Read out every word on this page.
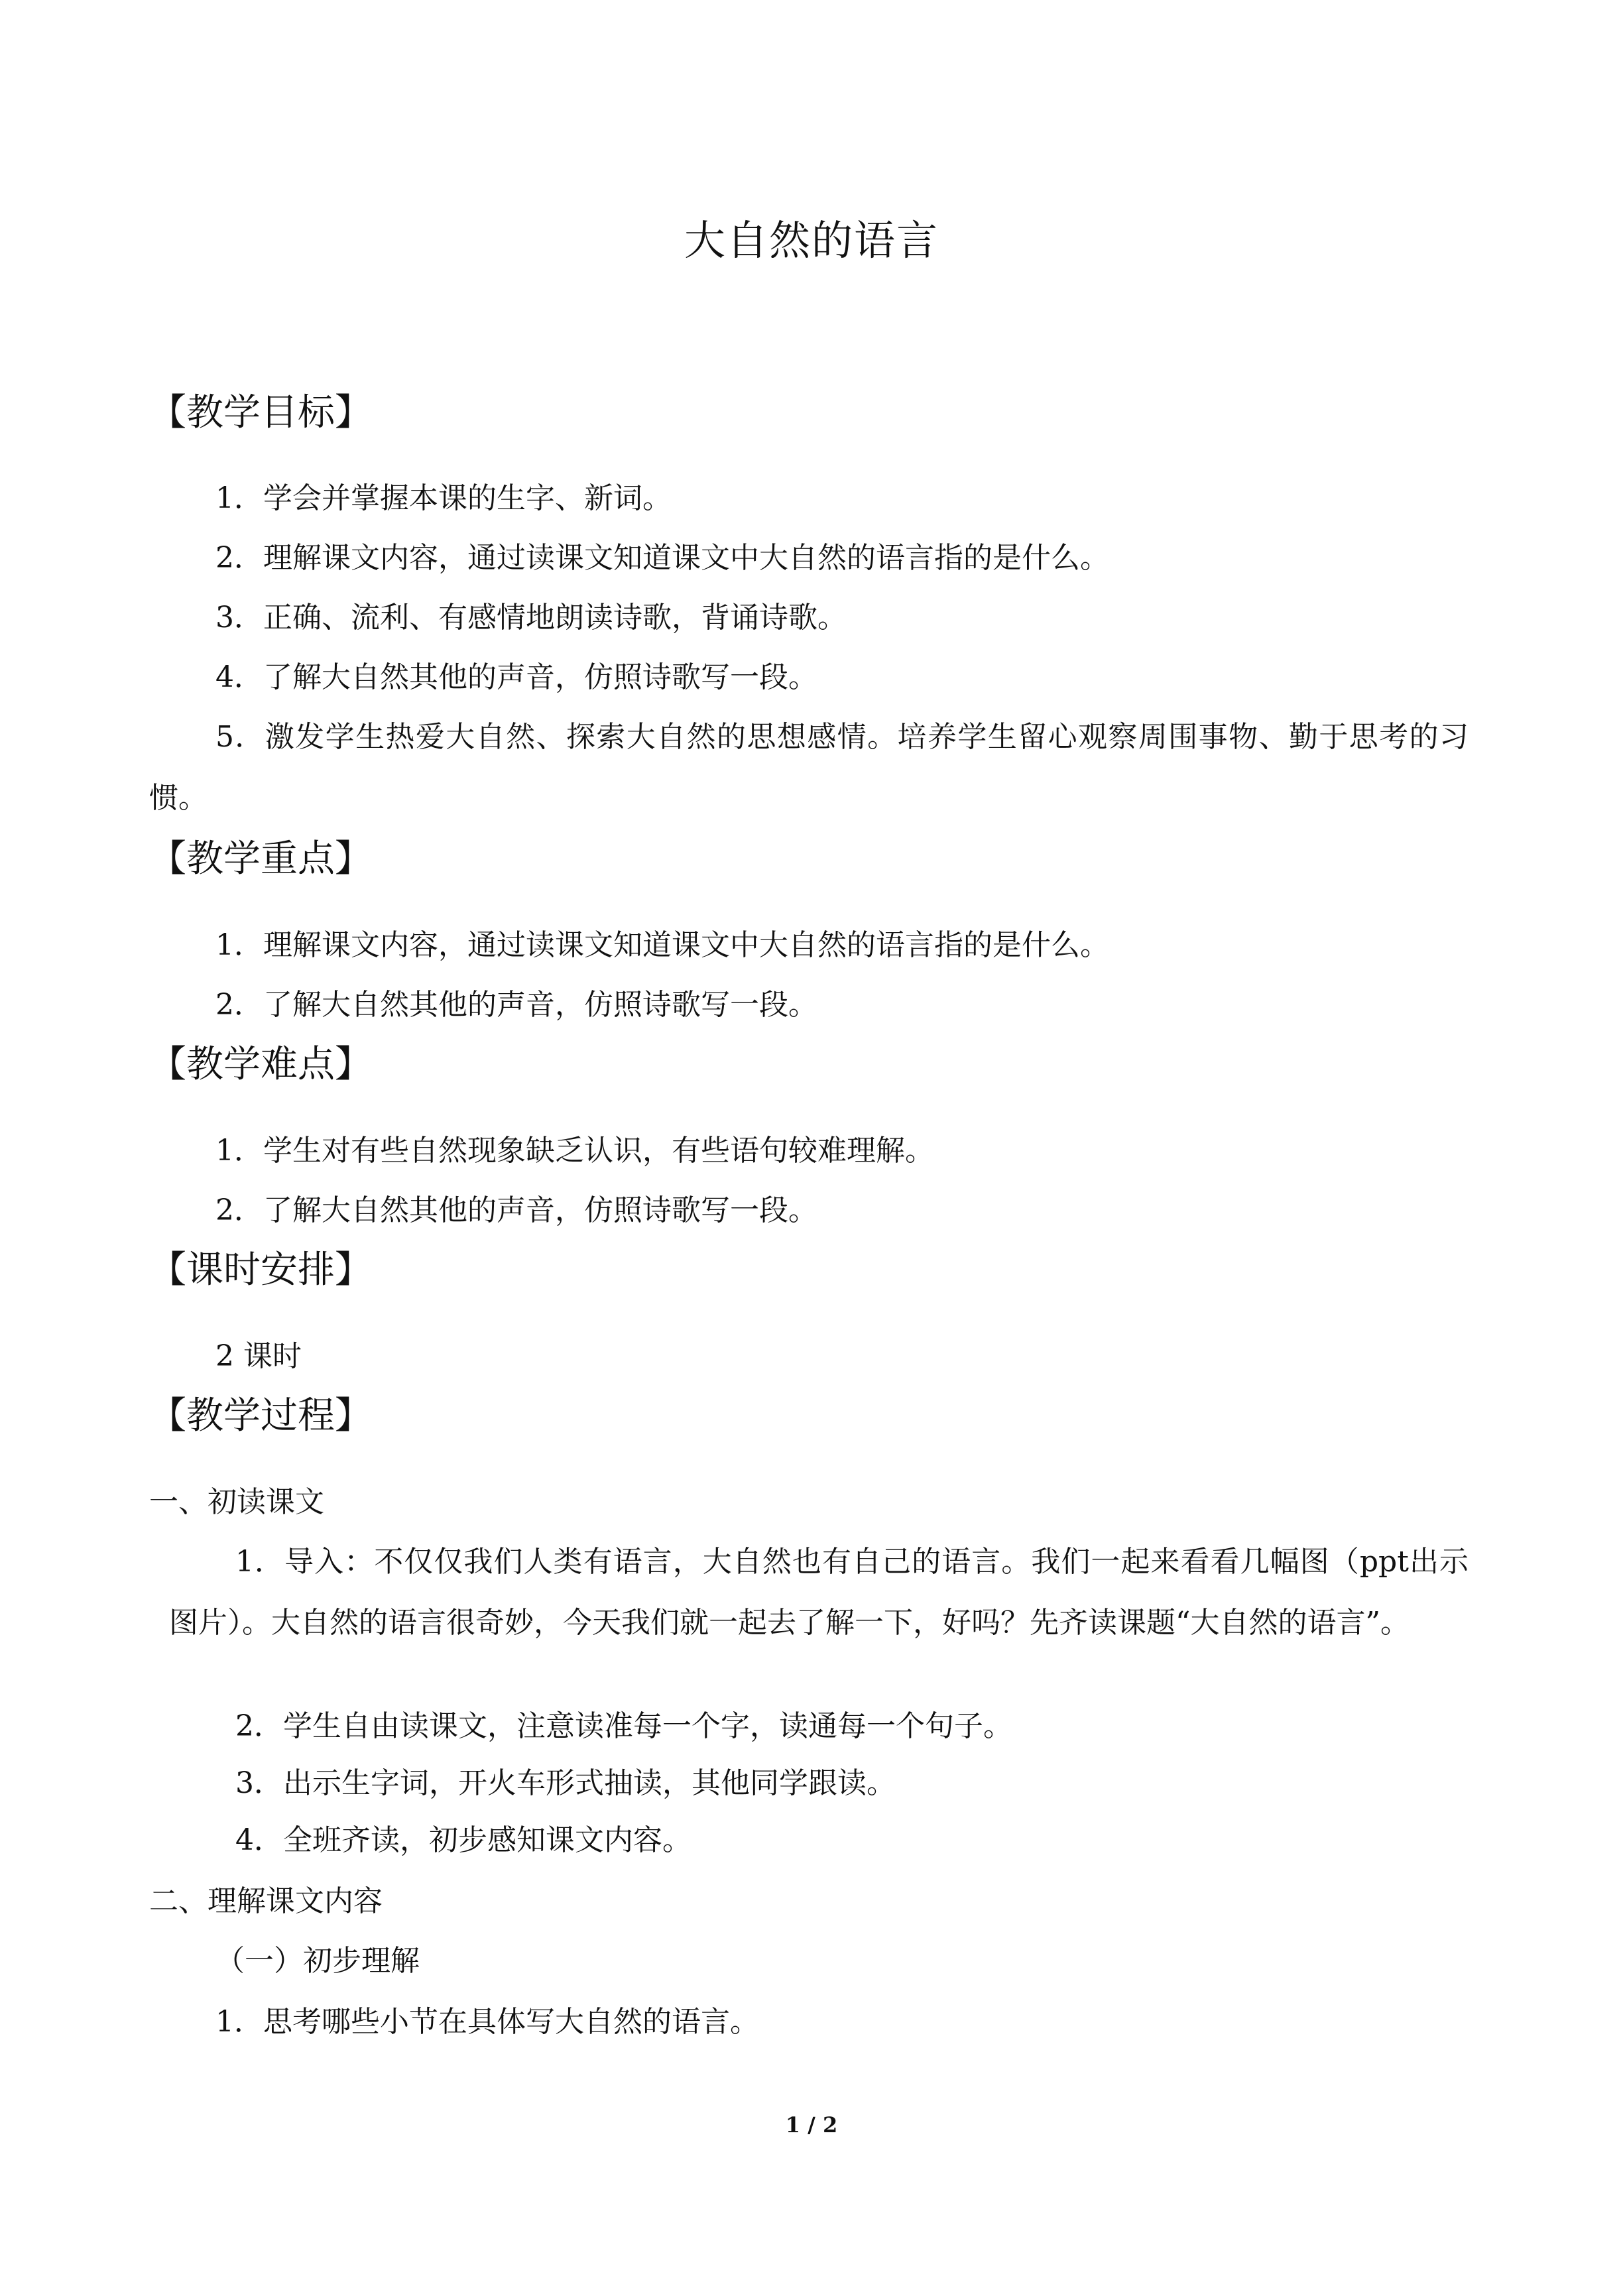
大自然的语言
【教学目标】
1．学会并掌握本课的生字、新词。
2．理解课文内容，通过读课文知道课文中大自然的语言指的是什么。
3．正确、流利、有感情地朗读诗歌，背诵诗歌。
4．了解大自然其他的声音，仿照诗歌写一段。
5．激发学生热爱大自然、探索大自然的思想感情。培养学生留心观察周围事物、勤于思考的习惯。
【教学重点】
1．理解课文内容，通过读课文知道课文中大自然的语言指的是什么。
2．了解大自然其他的声音，仿照诗歌写一段。
【教学难点】
1．学生对有些自然现象缺乏认识，有些语句较难理解。
2．了解大自然其他的声音，仿照诗歌写一段。
【课时安排】
2 课时
【教学过程】
一、初读课文
1．导入：不仅仅我们人类有语言，大自然也有自己的语言。我们一起来看看几幅图（ppt出示图片）。大自然的语言很奇妙，今天我们就一起去了解一下，好吗？先齐读课题“大自然的语言”。
2．学生自由读课文，注意读准每一个字，读通每一个句子。
3．出示生字词，开火车形式抽读，其他同学跟读。
4．全班齐读，初步感知课文内容。
二、理解课文内容
（一）初步理解
1．思考哪些小节在具体写大自然的语言。
1 / 2
